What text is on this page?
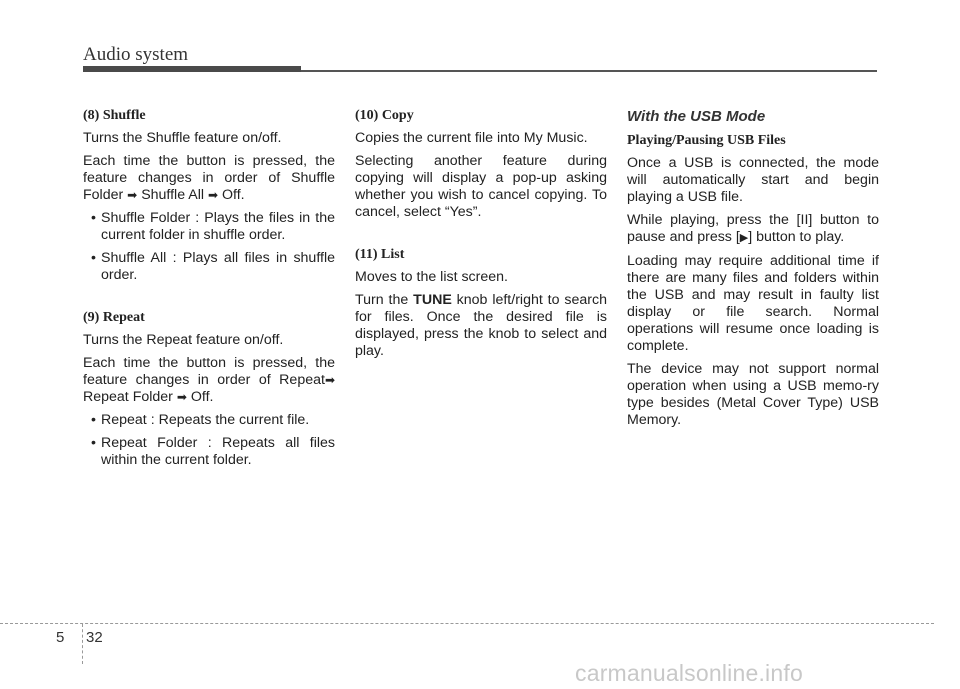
Audio system
(8) Shuffle

Turns the Shuffle feature on/off.

Each time the button is pressed, the feature changes in order of Shuffle Folder ➡ Shuffle All ➡ Off.

• Shuffle Folder : Plays the files in the current folder in shuffle order.
• Shuffle All : Plays all files in shuffle order.
(9) Repeat

Turns the Repeat feature on/off.

Each time the button is pressed, the feature changes in order of Repeat➡ Repeat Folder ➡ Off.

• Repeat : Repeats the current file.
• Repeat Folder : Repeats all files within the current folder.
(10) Copy

Copies the current file into My Music.

Selecting another feature during copying will display a pop-up asking whether you wish to cancel copying. To cancel, select “Yes”.

(11) List

Moves to the list screen.

Turn the TUNE knob left/right to search for files. Once the desired file is displayed, press the knob to select and play.

With the USB Mode
Playing/Pausing USB Files

Once a USB is connected, the mode will automatically start and begin playing a USB file.

While playing, press the [II] button to pause and press [▶] button to play.

Loading may require additional time if there are many files and folders within the USB and may result in faulty list display or file search. Normal operations will resume once loading is complete.

The device may not support normal operation when using a USB memo-ry type besides (Metal Cover Type) USB Memory.

5 32
carmanualsonline.info
